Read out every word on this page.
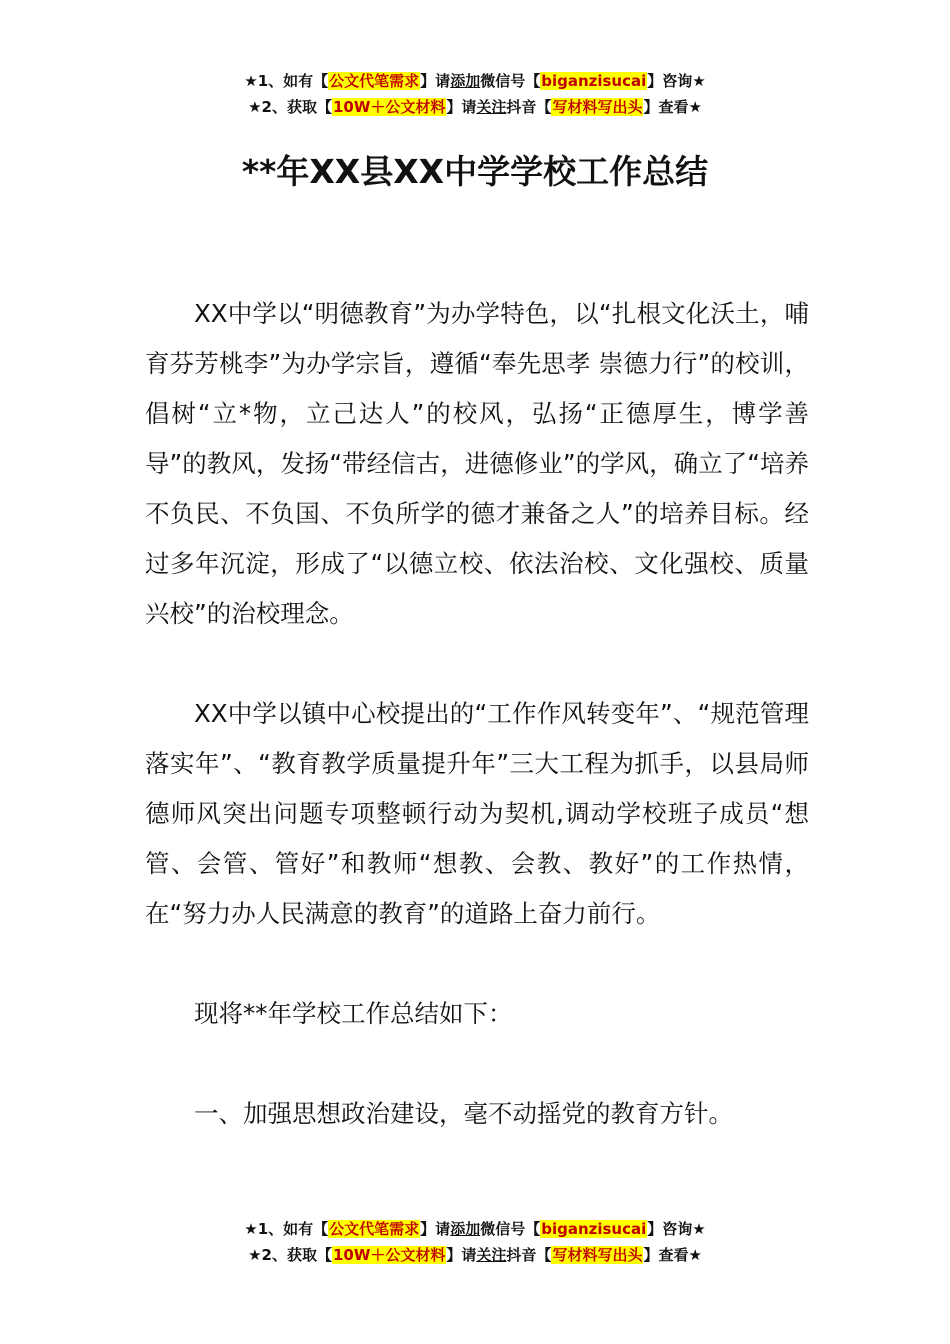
★1、如有【公文代笔需求】请添加微信号【biganzisucai】咨询★
★2、获取【10W＋公文材料】请关注抖音【写材料写出头】查看★
**年XX县XX中学学校工作总结

XX中学以“明德教育”为办学特色，以“扎根文化沃土，哺育芬芳桃李”为办学宗旨，遵循“奉先思孝 崇德力行”的校训，倡树“立*物，立己达人”的校风，弘扬“正德厚生，博学善导”的教风，发扬“带经信古，进德修业”的学风，确立了“培养不负民、不负国、不负所学的德才兼备之人”的培养目标。经过多年沉淀，形成了“以德立校、依法治校、文化强校、质量兴校”的治校理念。

XX中学以镇中心校提出的“工作作风转变年”、“规范管理落实年”、“教育教学质量提升年”三大工程为抓手，以县局师德师风突出问题专项整顿行动为契机,调动学校班子成员“想管、会管、管好”和教师“想教、会教、教好”的工作热情，在“努力办人民满意的教育”的道路上奋力前行。

现将**年学校工作总结如下：

一、加强思想政治建设，毫不动摇党的教育方针。

★1、如有【公文代笔需求】请添加微信号【biganzisucai】咨询★
★2、获取【10W＋公文材料】请关注抖音【写材料写出头】查看★
